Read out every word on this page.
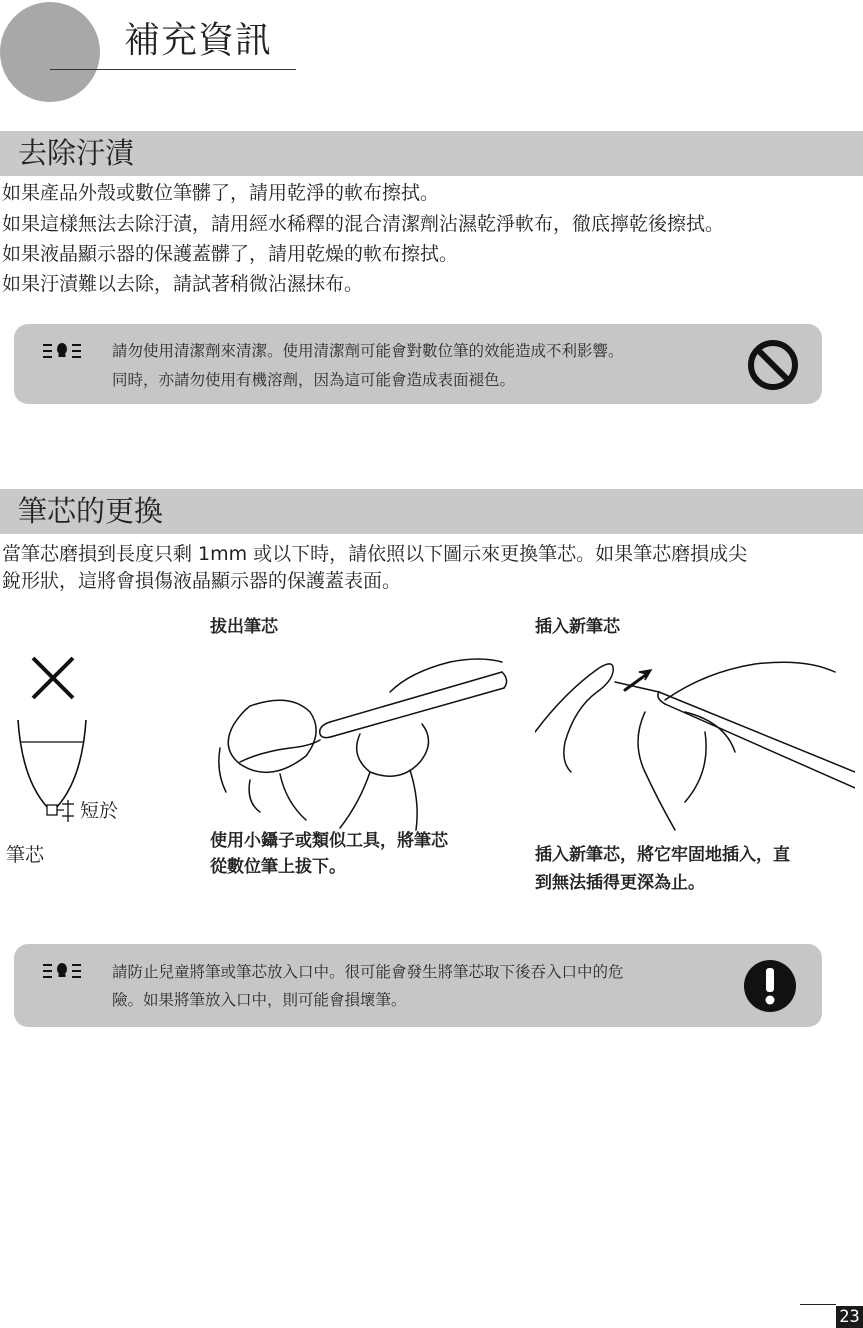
補充資訊
去除汙漬
如果產品外殼或數位筆髒了，請用乾淨的軟布擦拭。
如果這樣無法去除汙漬，請用經水稀釋的混合清潔劑沾濕乾淨軟布，徹底擰乾後擦拭。
如果液晶顯示器的保護蓋髒了，請用乾燥的軟布擦拭。
如果汙漬難以去除，請試著稍微沾濕抹布。
請勿使用清潔劑來清潔。使用清潔劑可能會對數位筆的效能造成不利影響。
同時，亦請勿使用有機溶劑，因為這可能會造成表面褪色。
筆芯的更換
當筆芯磨損到長度只剩 1mm 或以下時，請依照以下圖示來更換筆芯。如果筆芯磨損成尖
銳形狀，這將會損傷液晶顯示器的保護蓋表面。
短於
筆芯
拔出筆芯
使用小鑷子或類似工具，將筆芯
從數位筆上拔下。
插入新筆芯
插入新筆芯，將它牢固地插入，直
到無法插得更深為止。
請防止兒童將筆或筆芯放入口中。很可能會發生將筆芯取下後吞入口中的危
險。如果將筆放入口中，則可能會損壞筆。
23
